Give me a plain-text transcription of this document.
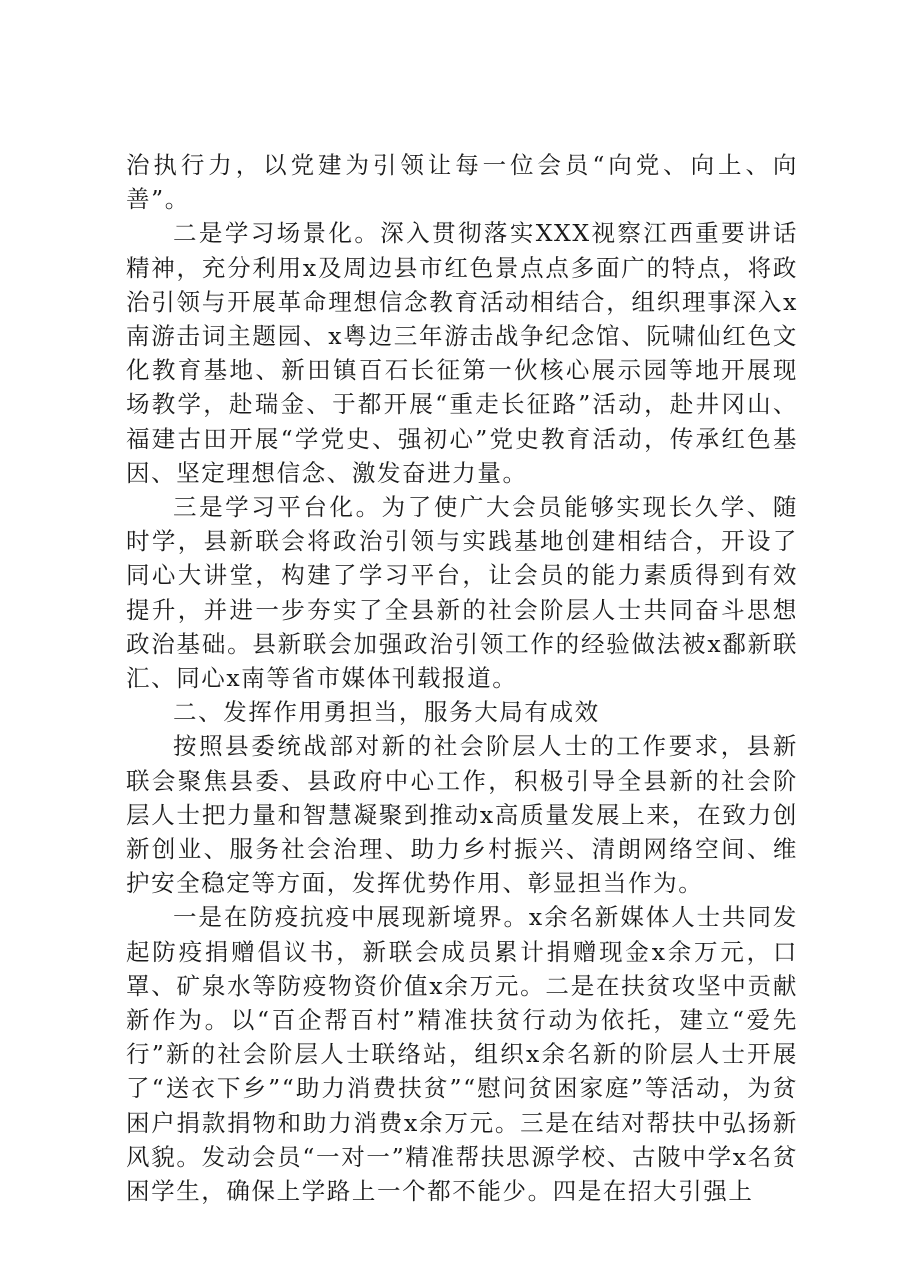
治执行力，以党建为引领让每一位会员“向党、向上、向善”。

二是学习场景化。深入贯彻落实XXX视察江西重要讲话精神，充分利用x及周边县市红色景点点多面广的特点，将政治引领与开展革命理想信念教育活动相结合，组织理事深入x南游击词主题园、x粤边三年游击战争纪念馆、阮啸仙红色文化教育基地、新田镇百石长征第一伙核心展示园等地开展现场教学，赴瑞金、于都开展“重走长征路”活动，赴井冈山、福建古田开展“学党史、强初心”党史教育活动，传承红色基因、坚定理想信念、激发奋进力量。

三是学习平台化。为了使广大会员能够实现长久学、随时学，县新联会将政治引领与实践基地创建相结合，开设了同心大讲堂，构建了学习平台，让会员的能力素质得到有效提升，并进一步夯实了全县新的社会阶层人士共同奋斗思想政治基础。县新联会加强政治引领工作的经验做法被x鄱新联汇、同心x南等省市媒体刊载报道。

二、发挥作用勇担当，服务大局有成效

按照县委统战部对新的社会阶层人士的工作要求，县新联会聚焦县委、县政府中心工作，积极引导全县新的社会阶层人士把力量和智慧凝聚到推动x高质量发展上来，在致力创新创业、服务社会治理、助力乡村振兴、清朗网络空间、维护安全稳定等方面，发挥优势作用、彰显担当作为。

一是在防疫抗疫中展现新境界。x余名新媒体人士共同发起防疫捐赠倡议书，新联会成员累计捐赠现金x余万元，口罩、矿泉水等防疫物资价值x余万元。二是在扶贫攻坚中贡献新作为。以“百企帮百村”精准扶贫行动为依托，建立“爱先行”新的社会阶层人士联络站，组织x余名新的阶层人士开展了“送衣下乡”“助力消费扶贫”“慰问贫困家庭”等活动，为贫困户捐款捐物和助力消费x余万元。三是在结对帮扶中弘扬新风貌。发动会员“一对一”精准帮扶思源学校、古陂中学x名贫困学生，确保上学路上一个都不能少。四是在招大引强上
